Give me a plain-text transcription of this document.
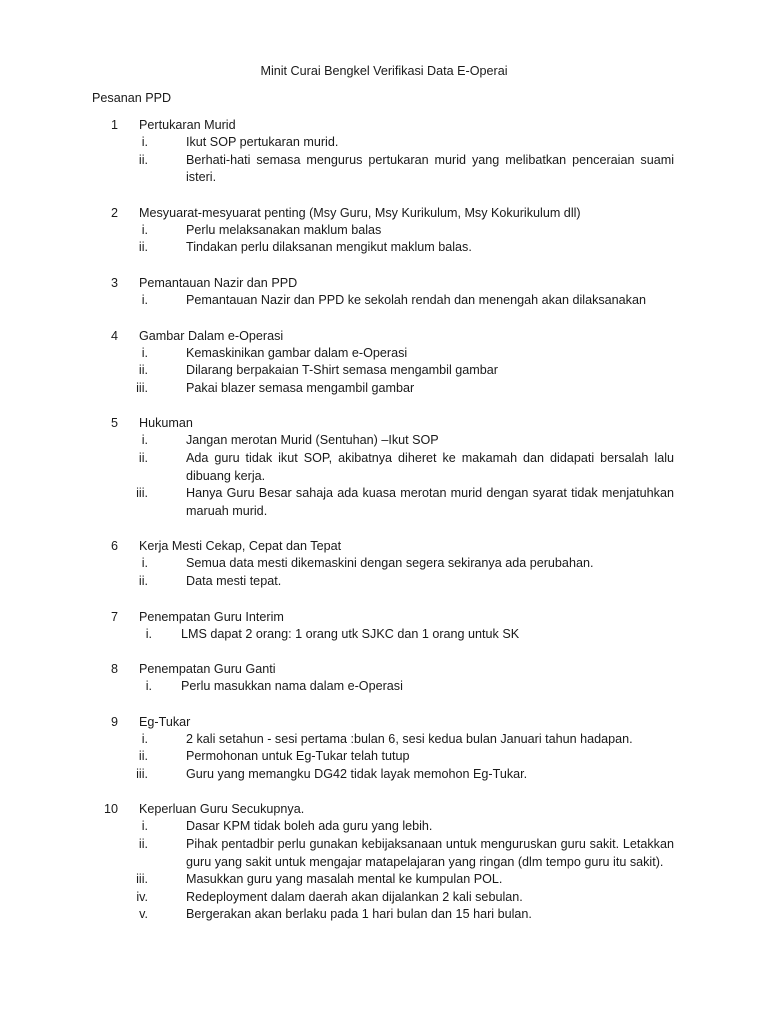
Minit Curai Bengkel Verifikasi Data E-Operai
Pesanan PPD
1 Pertukaran Murid
i.	Ikut SOP pertukaran murid.
ii.	Berhati-hati semasa mengurus pertukaran murid yang melibatkan penceraian suami isteri.
2 Mesyuarat-mesyuarat penting (Msy Guru, Msy Kurikulum, Msy Kokurikulum dll)
i.	Perlu melaksanakan maklum balas
ii.	Tindakan perlu dilaksanan mengikut maklum balas.
3 Pemantauan Nazir dan PPD
i.	Pemantauan Nazir dan PPD ke sekolah rendah dan menengah akan dilaksanakan
4 Gambar Dalam e-Operasi
i.	Kemaskinikan gambar dalam e-Operasi
ii.	Dilarang berpakaian T-Shirt semasa mengambil gambar
iii.	Pakai blazer semasa mengambil gambar
5 Hukuman
i.	Jangan merotan Murid (Sentuhan) –Ikut SOP
ii.	Ada guru tidak ikut SOP, akibatnya diheret ke makamah dan didapati bersalah lalu dibuang kerja.
iii.	Hanya Guru Besar sahaja ada kuasa merotan murid dengan syarat tidak menjatuhkan maruah murid.
6 Kerja Mesti Cekap, Cepat dan Tepat
i.	Semua data mesti dikemaskini dengan segera sekiranya ada perubahan.
ii.	Data mesti tepat.
7 Penempatan Guru Interim
i. LMS dapat 2 orang: 1 orang utk SJKC dan 1 orang untuk SK
8 Penempatan Guru Ganti
i. Perlu masukkan nama dalam e-Operasi
9 Eg-Tukar
i.	2 kali setahun - sesi pertama :bulan 6, sesi kedua bulan Januari tahun hadapan.
ii.	Permohonan untuk Eg-Tukar telah tutup
iii.	Guru yang memangku DG42 tidak layak memohon Eg-Tukar.
10 Keperluan Guru Secukupnya.
i.	Dasar KPM tidak boleh ada guru yang lebih.
ii.	Pihak pentadbir perlu gunakan kebijaksanaan untuk menguruskan guru sakit. Letakkan guru yang sakit untuk mengajar matapelajaran yang ringan (dlm tempo guru itu sakit).
iii.	Masukkan guru yang masalah mental ke kumpulan POL.
iv.	Redeployment dalam daerah akan dijalankan 2 kali sebulan.
v.	Bergerakan akan berlaku pada 1 hari bulan dan 15 hari bulan.
